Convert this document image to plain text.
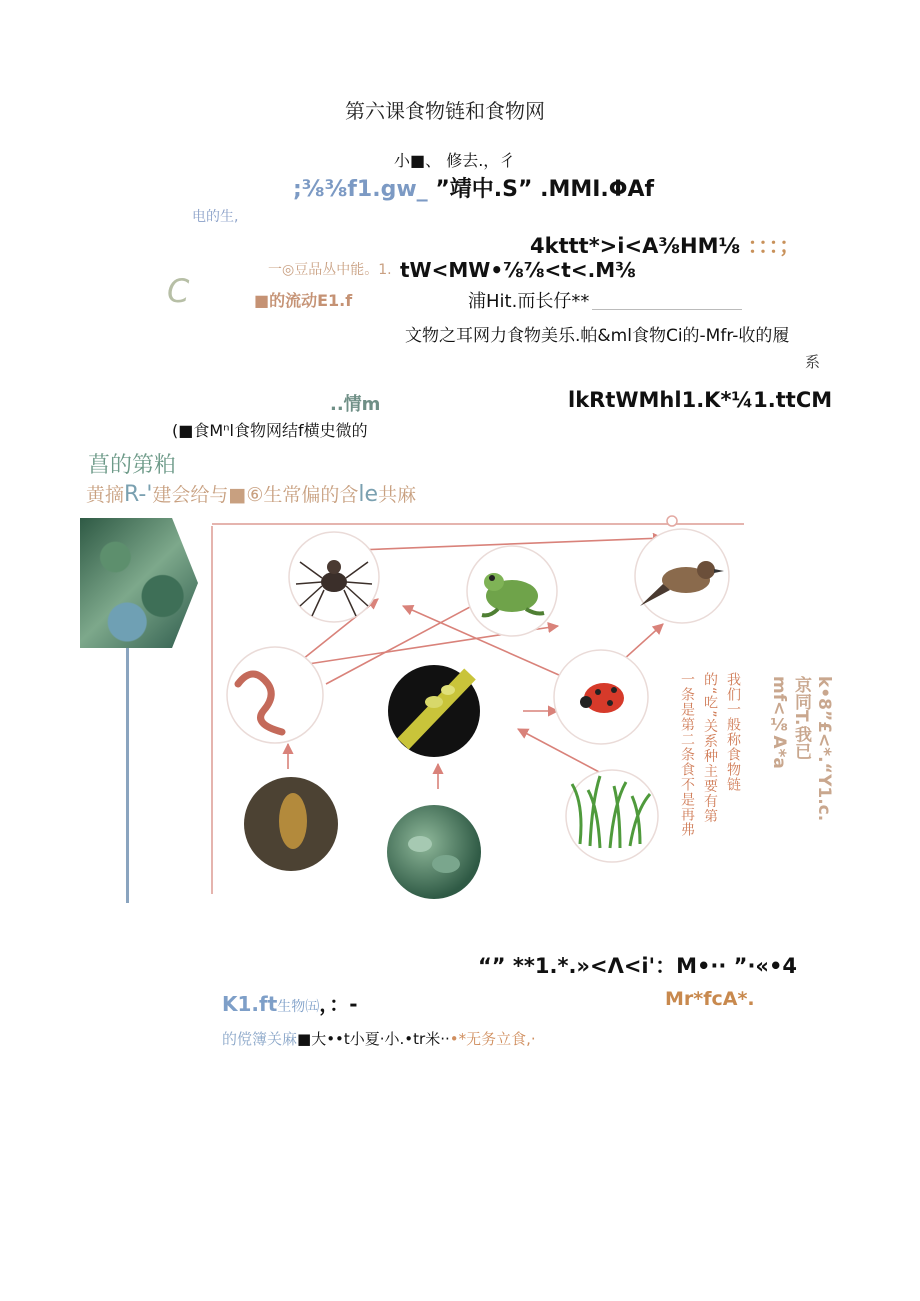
第六课食物链和食物网
小■、 修去.，彳
;⅜⅜f1.gw_ ”靖中.S” .MMI.ΦAf
电的生,
4kttt*>i<A⅜HM⅛ ：：：；
一◎豆品丛中能。1. tW<MW•⅞⅞<t<.M⅜
C	■的流动E1.f	浦Hit.而长仔**
文物之耳网力食物美乐.帕&ml食物Ci的-Mfr-收的履
系
..情m	lkRtWMhl1.K*¼1.ttCM
(■食Mⁿl食物网结f横史微的
菖的第粕
黄摘R-'建会给与■⑥生常偏的含le共麻
我们一般称食物链的“吃”关系种主要有第一条是第二条食不是再弗	k•8”£<*.“Y1.c.京同T.我已mf<⅛A*a
“” **1.*.»<Λ<i'：M•·· ”·«•4
K1.ft生物㈤，：-	Mr*fcA*.
的傥簿关麻■大••t小夏·小.•tr米··•*无务立食,·
